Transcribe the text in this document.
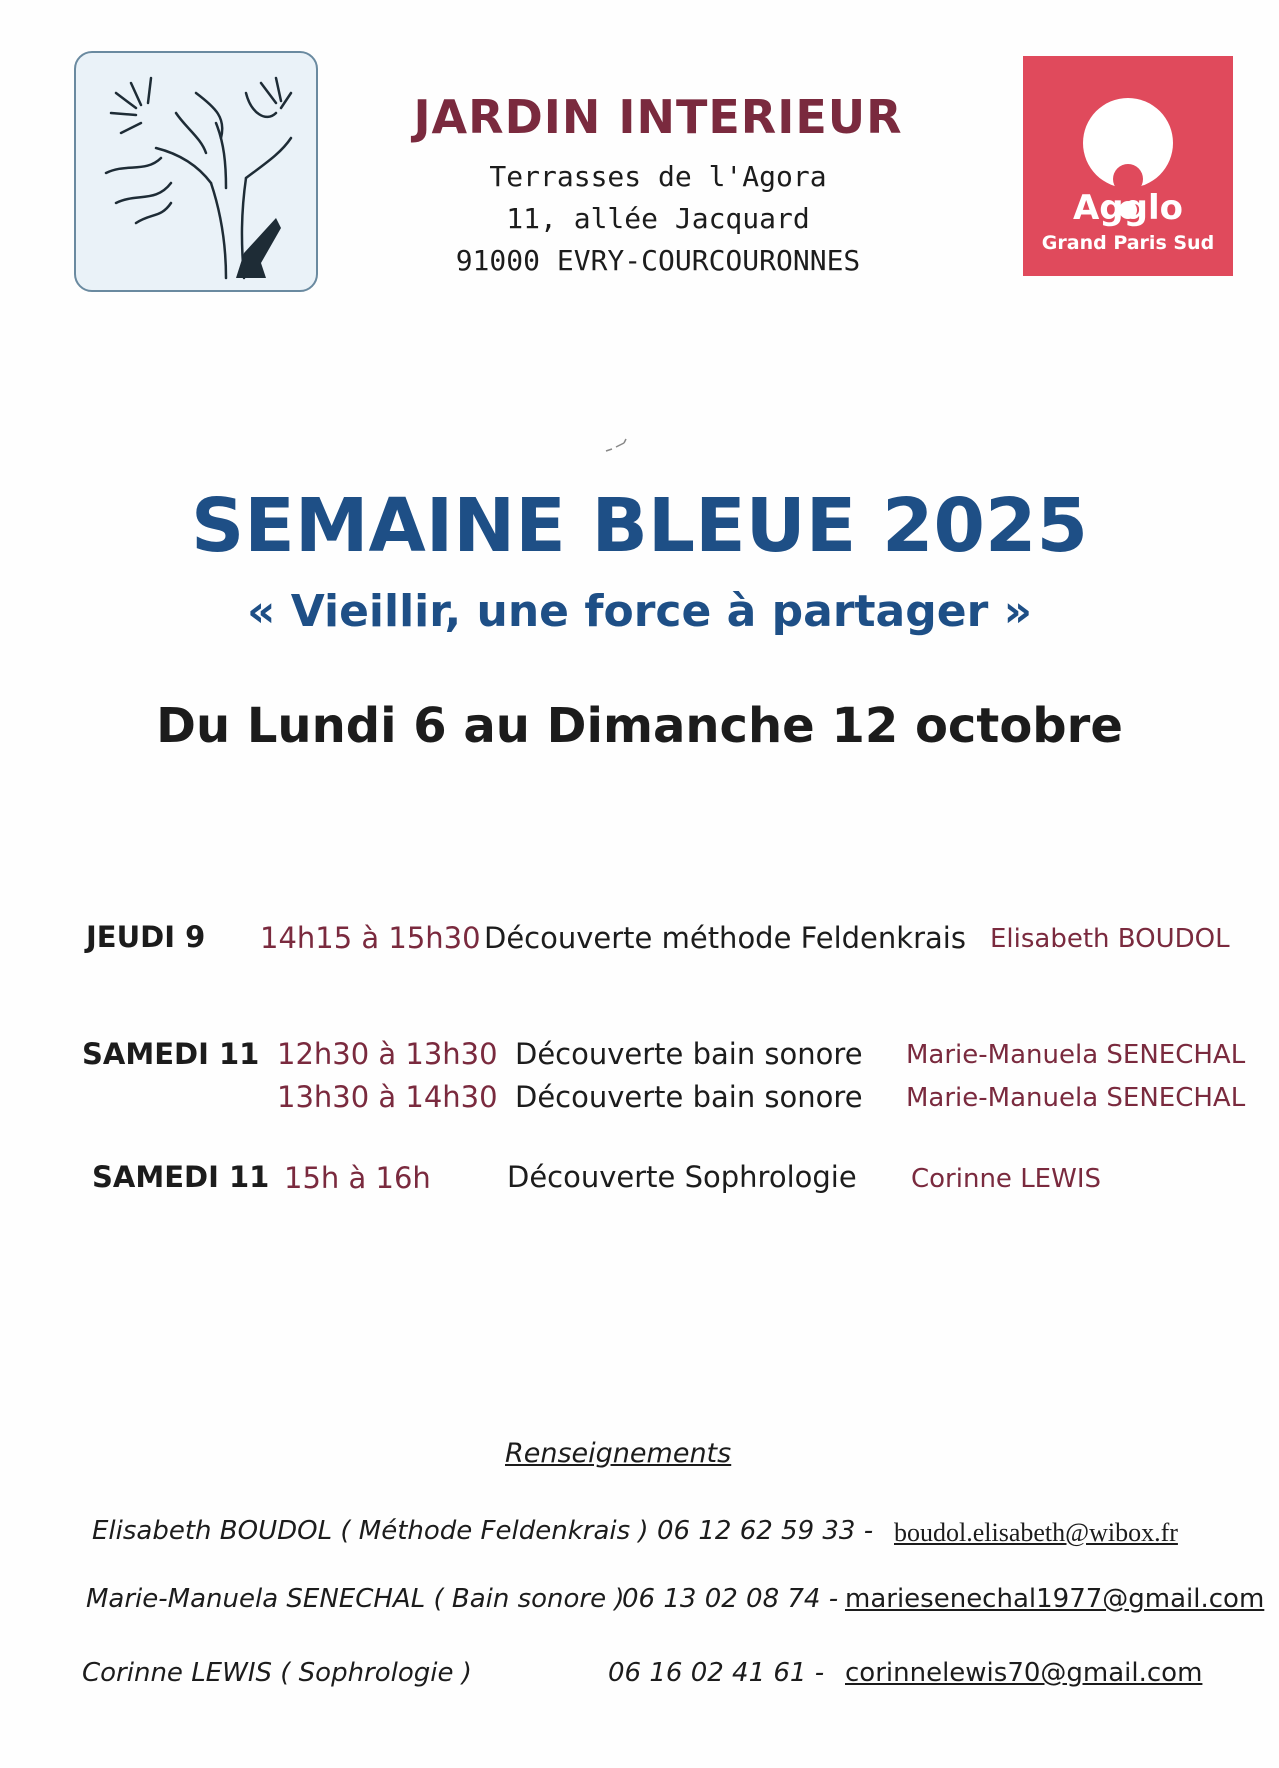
Agglo
Grand Paris Sud
JARDIN INTERIEUR
Terrasses de l'Agora
11, allée Jacquard
91000 EVRY-COURCOURONNES
SEMAINE BLEUE 2025
« Vieillir, une force à partager »
Du Lundi 6 au Dimanche 12 octobre
JEUDI 9 14h15 à 15h30 Découverte méthode Feldenkrais Elisabeth BOUDOL
SAMEDI 11 12h30 à 13h30 Découverte bain sonore Marie-Manuela SENECHAL
13h30 à 14h30 Découverte bain sonore Marie-Manuela SENECHAL
SAMEDI 11 15h à 16h	Découverte Sophrologie Corinne LEWIS
Renseignements
Elisabeth BOUDOL ( Méthode Feldenkrais ) 06 12 62 59 33 - boudol.elisabeth@wibox.fr
Marie-Manuela SENECHAL ( Bain sonore )
06 13 02 08 74 - mariesenechal1977@gmail.com
Corinne LEWIS ( Sophrologie )	06 16 02 41 61 - corinnelewis70@gmail.com
